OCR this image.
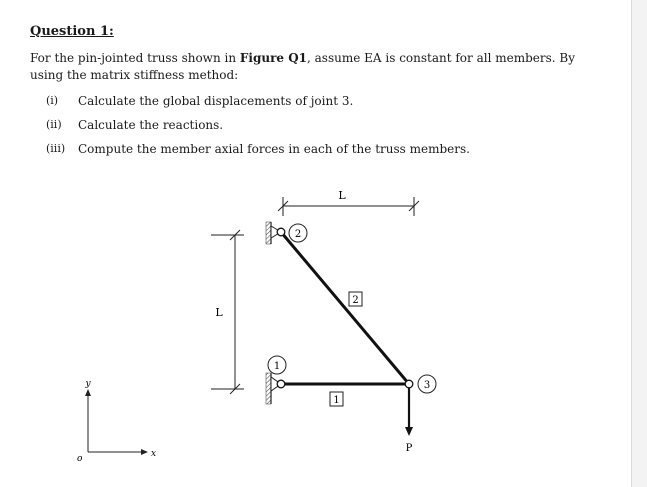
Question 1:
For the pin-jointed truss shown in Figure Q1, assume EA is constant for all members. By using the matrix stiffness method:
(i) Calculate the global displacements of joint 3.
(ii) Calculate the reactions.
(iii) Compute the member axial forces in each of the truss members.
L
L
1
2
3
1
2
P
y
x
o
